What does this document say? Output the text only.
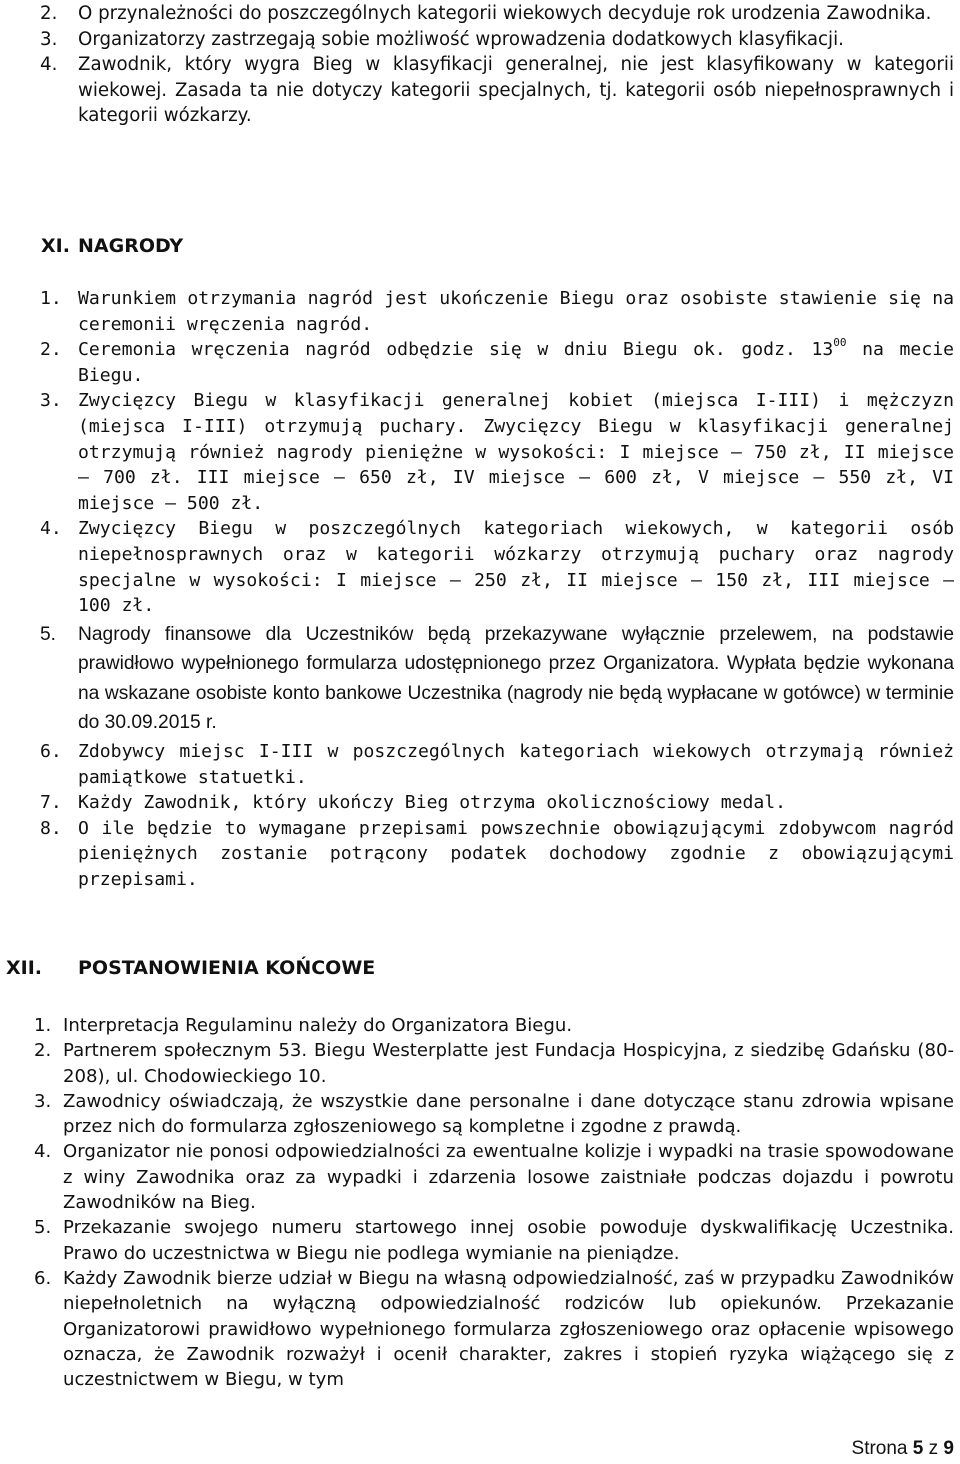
2. O przynależności do poszczególnych kategorii wiekowych decyduje rok urodzenia Zawodnika.
3. Organizatorzy zastrzegają sobie możliwość wprowadzenia dodatkowych klasyfikacji.
4. Zawodnik, który wygra Bieg w klasyfikacji generalnej, nie jest klasyfikowany w kategorii wiekowej. Zasada ta nie dotyczy kategorii specjalnych, tj. kategorii osób niepełnosprawnych i kategorii wózkarzy.
XI. NAGRODY
1. Warunkiem otrzymania nagród jest ukończenie Biegu oraz osobiste stawienie się na ceremonii wręczenia nagród.
2. Ceremonia wręczenia nagród odbędzie się w dniu Biegu ok. godz. $13^{00}$ na mecie Biegu.
3. Zwycięzcy Biegu w klasyfikacji generalnej kobiet (miejsca I-III) i mężczyzn (miejsca I-III) otrzymują puchary. Zwycięzcy Biegu w klasyfikacji generalnej otrzymują również nagrody pieniężne w wysokości: I miejsce – 750 zł, II miejsce – 700 zł. III miejsce – 650 zł, IV miejsce – 600 zł, V miejsce – 550 zł, VI miejsce – 500 zł.
4. Zwycięzcy Biegu w poszczególnych kategoriach wiekowych, w kategorii osób niepełnosprawnych oraz w kategorii wózkarzy otrzymują puchary oraz nagrody specjalne w wysokości: I miejsce – 250 zł, II miejsce – 150 zł, III miejsce – 100 zł.
5. Nagrody finansowe dla Uczestników będą przekazywane wyłącznie przelewem, na podstawie prawidłowo wypełnionego formularza udostępnionego przez Organizatora. Wypłata będzie wykonana na wskazane osobiste konto bankowe Uczestnika (nagrody nie będą wypłacane w gotówce) w terminie do 30.09.2015 r.
6. Zdobywcy miejsc I-III w poszczególnych kategoriach wiekowych otrzymają również pamiątkowe statuetki.
7. Każdy Zawodnik, który ukończy Bieg otrzyma okolicznościowy medal.
8. O ile będzie to wymagane przepisami powszechnie obowiązującymi zdobywcom nagród pieniężnych zostanie potrącony podatek dochodowy zgodnie z obowiązującymi przepisami.
XII. POSTANOWIENIA KOŃCOWE
1. Interpretacja Regulaminu należy do Organizatora Biegu.
2. Partnerem społecznym 53. Biegu Westerplatte jest Fundacja Hospicyjna, z siedzibę Gdańsku (80-208), ul. Chodowieckiego 10.
3. Zawodnicy oświadczają, że wszystkie dane personalne i dane dotyczące stanu zdrowia wpisane przez nich do formularza zgłoszeniowego są kompletne i zgodne z prawdą.
4. Organizator nie ponosi odpowiedzialności za ewentualne kolizje i wypadki na trasie spowodowane z winy Zawodnika oraz za wypadki i zdarzenia losowe zaistniałe podczas dojazdu i powrotu Zawodników na Bieg.
5. Przekazanie swojego numeru startowego innej osobie powoduje dyskwalifikację Uczestnika. Prawo do uczestnictwa w Biegu nie podlega wymianie na pieniądze.
6. Każdy Zawodnik bierze udział w Biegu na własną odpowiedzialność, zaś w przypadku Zawodników niepełnoletnich na wyłączną odpowiedzialność rodziców lub opiekunów. Przekazanie Organizatorowi prawidłowo wypełnionego formularza zgłoszeniowego oraz opłacenie wpisowego oznacza, że Zawodnik rozważył i ocenił charakter, zakres i stopień ryzyka wiążącego się z uczestnictwem w Biegu, w tym
Strona 5 z 9
